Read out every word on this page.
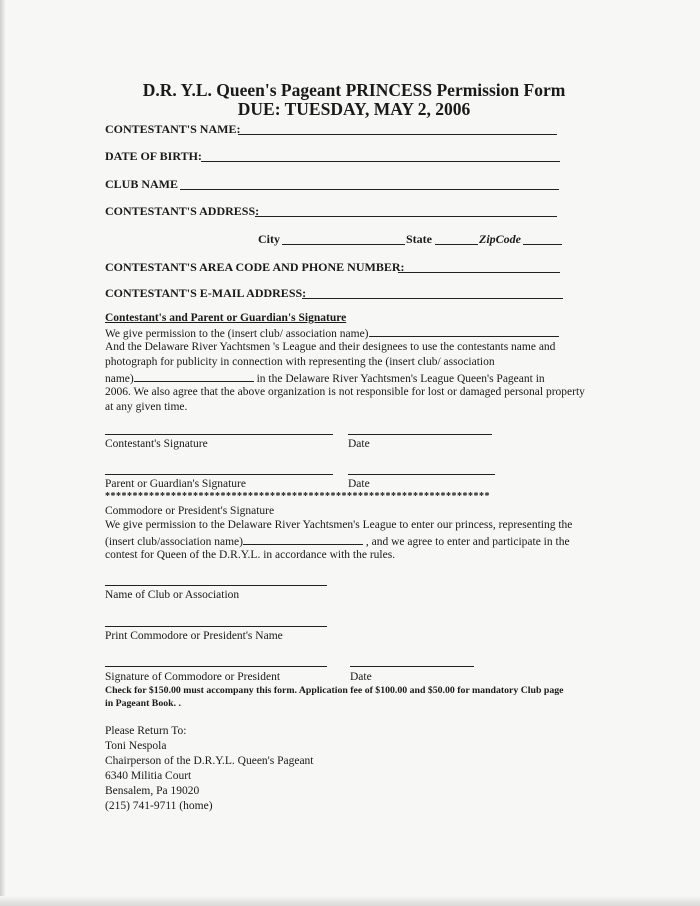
D.R. Y.L. Queen's Pageant PRINCESS Permission Form
DUE: TUESDAY, MAY 2, 2006
CONTESTANT'S NAME:
DATE OF BIRTH:
CLUB NAME
CONTESTANT'S ADDRESS:
City	State	ZipCode
CONTESTANT'S AREA CODE AND PHONE NUMBER:
CONTESTANT'S E-MAIL ADDRESS:
Contestant's and Parent or Guardian's Signature
We give permission to the (insert club/ association name)
And the Delaware River Yachtsmen 's League and their designees to use the contestants name and
photograph for publicity in connection with representing the (insert club/ association
name)	in the Delaware River Yachtsmen's League Queen's Pageant in
2006. We also agree that the above organization is not responsible for lost or damaged personal property
at any given time.
Contestant's Signature	Date
Parent or Guardian's Signature	Date
**********************************************************************
Commodore or President's Signature
We give permission to the Delaware River Yachtsmen's League to enter our princess, representing the
(insert club/association name)	, and we agree to enter and participate in the
contest for Queen of the D.R.Y.L. in accordance with the rules.
Name of Club or Association
Print Commodore or President's Name
Signature of Commodore or President	Date
Check for $150.00 must accompany this form. Application fee of $100.00 and $50.00 for mandatory Club page
in Pageant Book. .
Please Return To:
Toni Nespola
Chairperson of the D.R.Y.L. Queen's Pageant
6340 Militia Court
Bensalem, Pa 19020
(215) 741-9711 (home)
